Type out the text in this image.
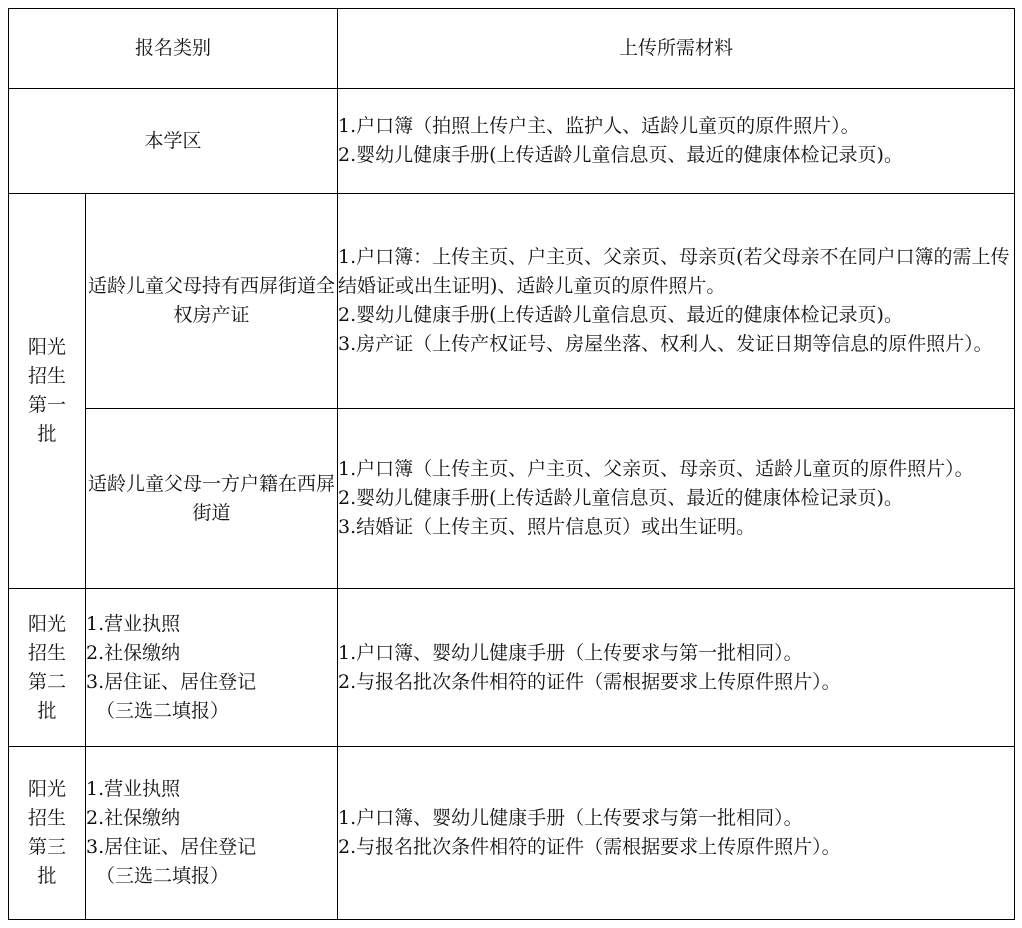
报名类别		上传所需材料
本学区		1.户口簿（拍照上传户主、监护人、适龄儿童页的原件照片）。
2.婴幼儿健康手册(上传适龄儿童信息页、最近的健康体检记录页)。

阳光
招生
第一
批	适龄儿童父母持有西屏街道全权房产证	1.户口簿：上传主页、户主页、父亲页、母亲页(若父母亲不在同户口簿的需上传结婚证或出生证明)、适龄儿童页的原件照片。
2.婴幼儿健康手册(上传适龄儿童信息页、最近的健康体检记录页)。
3.房产证（上传产权证号、房屋坐落、权利人、发证日期等信息的原件照片）。

	适龄儿童父母一方户籍在西屏街道	1.户口簿（上传主页、户主页、父亲页、母亲页、适龄儿童页的原件照片）。
2.婴幼儿健康手册(上传适龄儿童信息页、最近的健康体检记录页)。
3.结婚证（上传主页、照片信息页）或出生证明。

阳光
招生
第二
批	1.营业执照
2.社保缴纳
3.居住证、居住登记
（三选二填报）	1.户口簿、婴幼儿健康手册（上传要求与第一批相同）。
2.与报名批次条件相符的证件（需根据要求上传原件照片）。

阳光
招生
第三
批	1.营业执照
2.社保缴纳
3.居住证、居住登记
（三选二填报）	1.户口簿、婴幼儿健康手册（上传要求与第一批相同）。
2.与报名批次条件相符的证件（需根据要求上传原件照片）。
